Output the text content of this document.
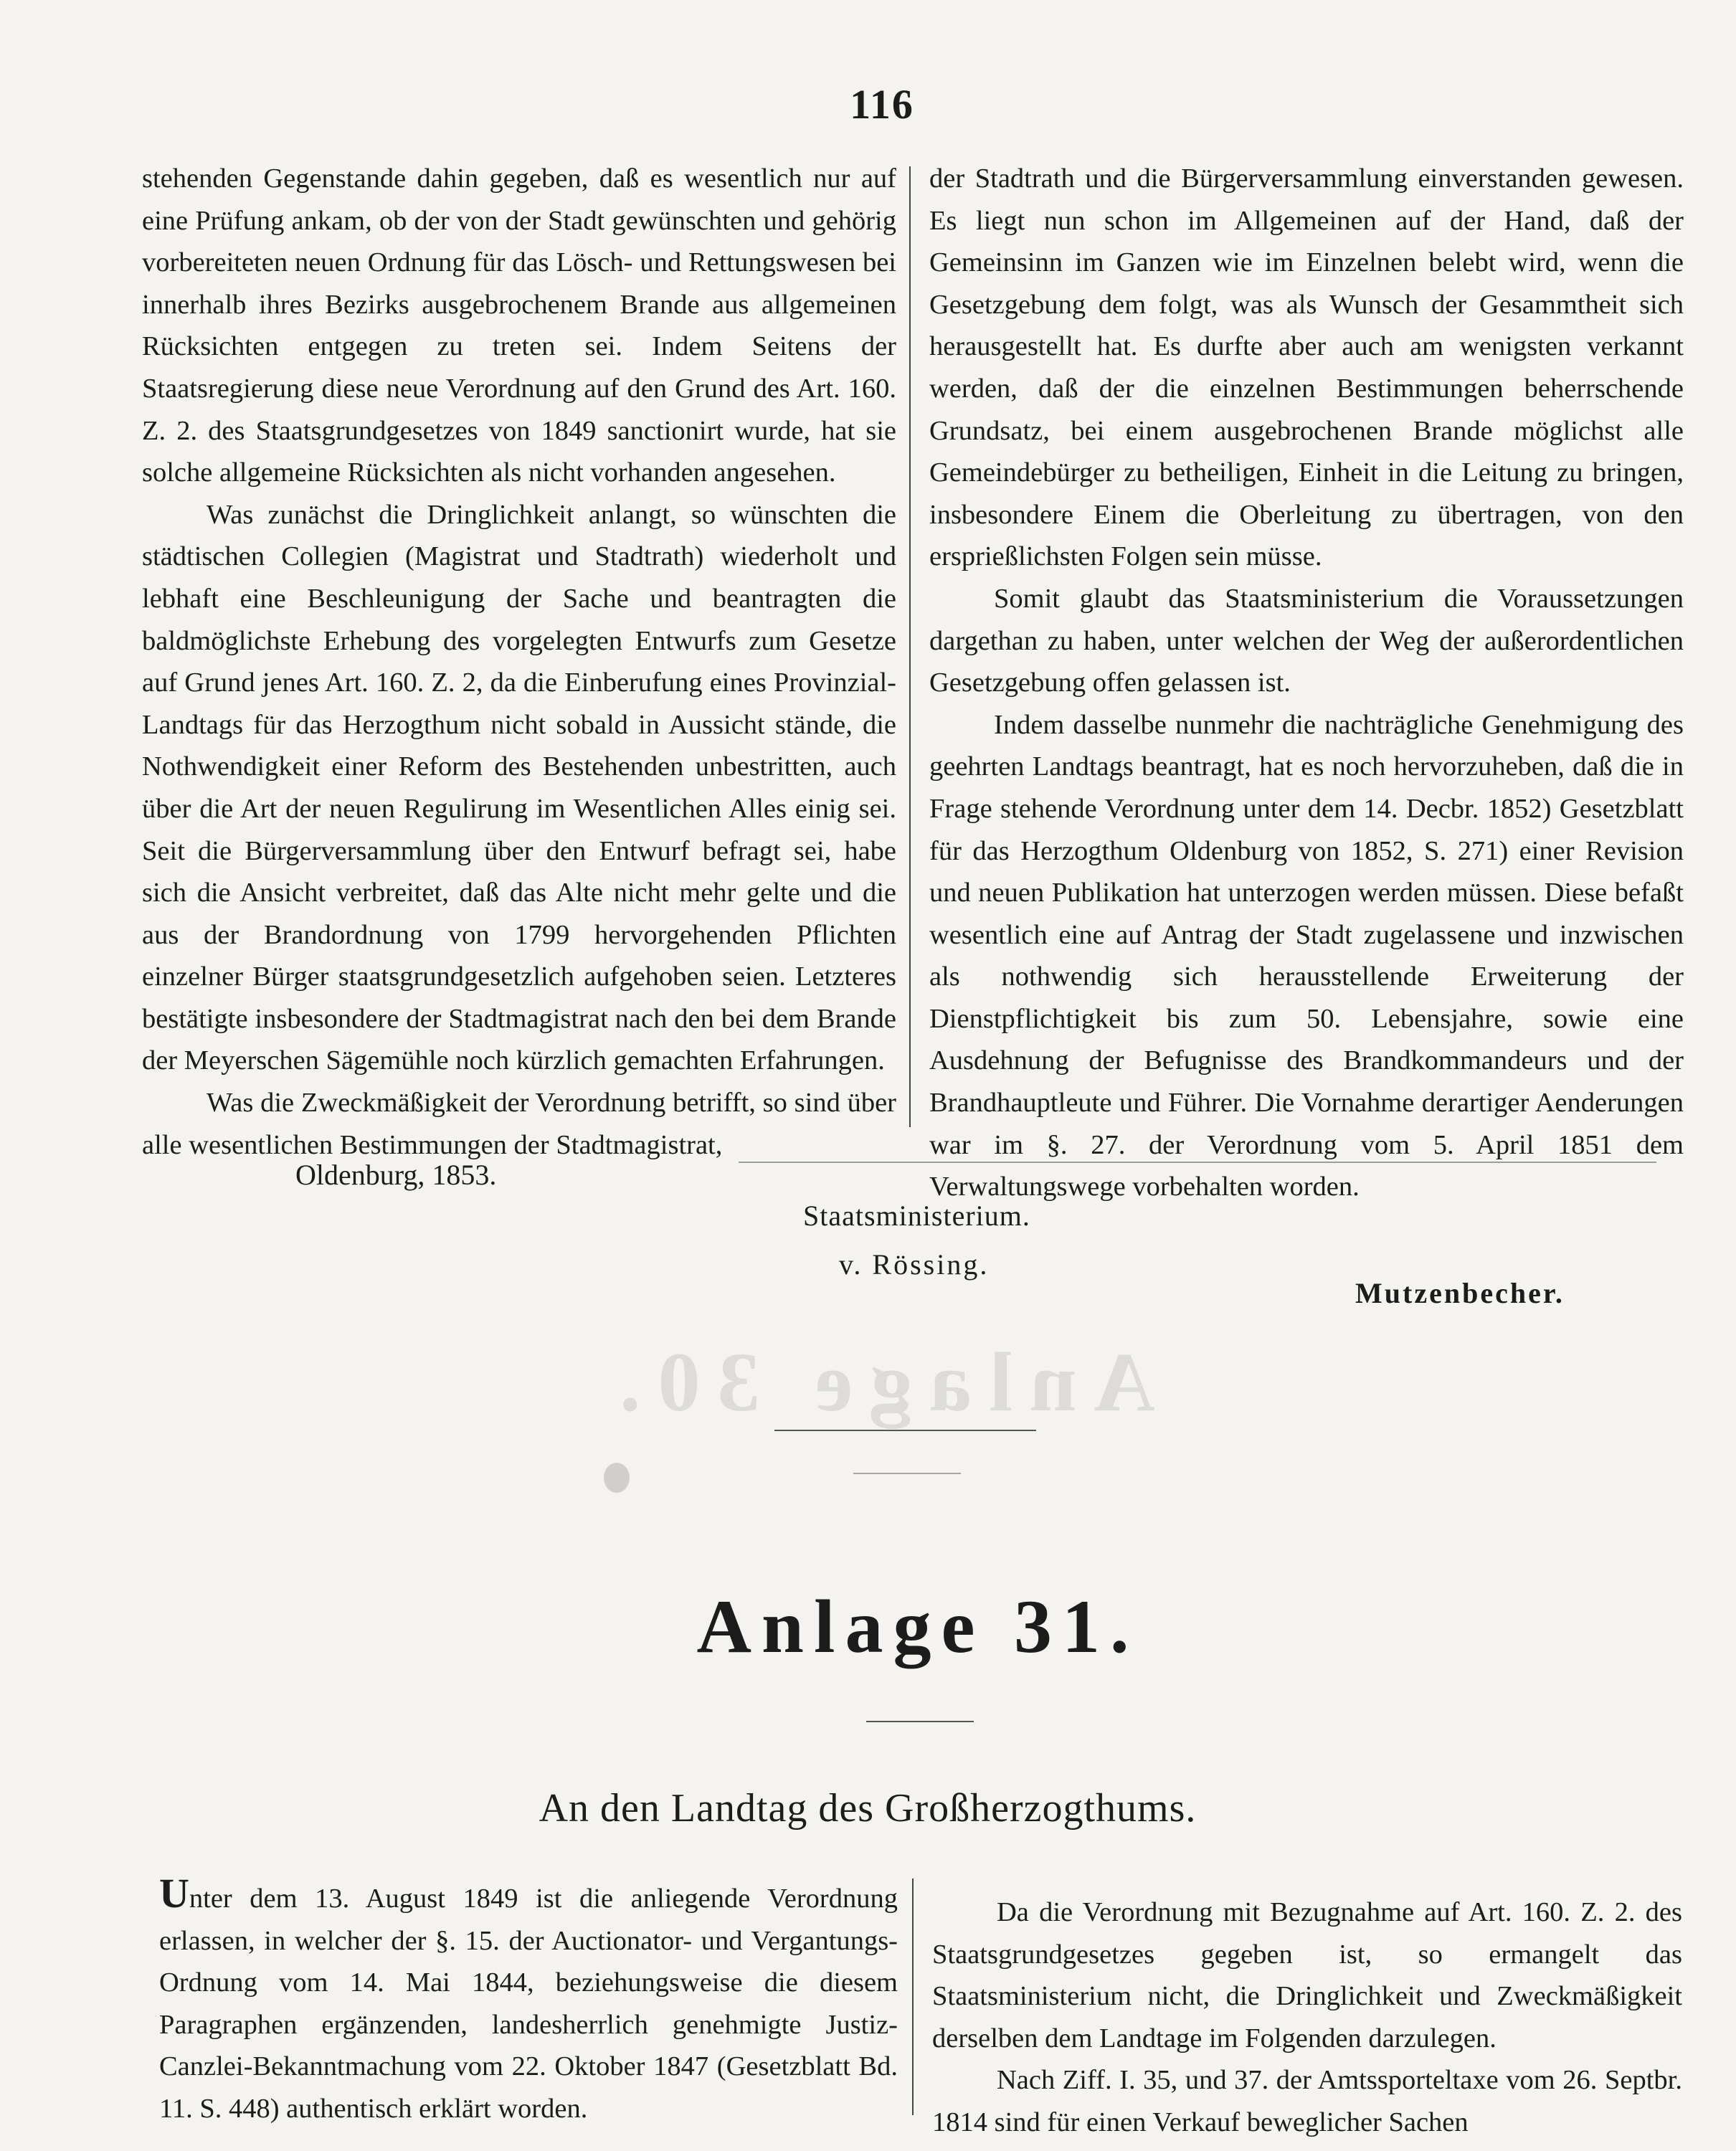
116

stehenden Gegenstande dahin gegeben, daß es wesentlich nur auf eine Prüfung ankam, ob der von der Stadt gewünschten und gehörig vorbereiteten neuen Ordnung für das Lösch- und Rettungswesen bei innerhalb ihres Bezirks ausgebrochenem Brande aus allgemeinen Rücksichten entgegen zu treten sei. Indem Seitens der Staatsregierung diese neue Verordnung auf den Grund des Art. 160. Z. 2. des Staatsgrundgesetzes von 1849 sanctionirt wurde, hat sie solche allgemeine Rücksichten als nicht vorhanden angesehen.

Was zunächst die Dringlichkeit anlangt, so wünschten die städtischen Collegien (Magistrat und Stadtrath) wiederholt und lebhaft eine Beschleunigung der Sache und beantragten die baldmöglichste Erhebung des vorgelegten Entwurfs zum Gesetze auf Grund jenes Art. 160. Z. 2, da die Einberufung eines Provinzial-Landtags für das Herzogthum nicht sobald in Aussicht stände, die Nothwendigkeit einer Reform des Bestehenden unbestritten, auch über die Art der neuen Regulirung im Wesentlichen Alles einig sei. Seit die Bürgerversammlung über den Entwurf befragt sei, habe sich die Ansicht verbreitet, daß das Alte nicht mehr gelte und die aus der Brandordnung von 1799 hervorgehenden Pflichten einzelner Bürger staatsgrundgesetzlich aufgehoben seien. Letzteres bestätigte insbesondere der Stadtmagistrat nach den bei dem Brande der Meyerschen Sägemühle noch kürzlich gemachten Erfahrungen.

Was die Zweckmäßigkeit der Verordnung betrifft, so sind über alle wesentlichen Bestimmungen der Stadtmagistrat,

der Stadtrath und die Bürgerversammlung einverstanden gewesen. Es liegt nun schon im Allgemeinen auf der Hand, daß der Gemeinsinn im Ganzen wie im Einzelnen belebt wird, wenn die Gesetzgebung dem folgt, was als Wunsch der Gesammtheit sich herausgestellt hat. Es durfte aber auch am wenigsten verkannt werden, daß der die einzelnen Bestimmungen beherrschende Grundsatz, bei einem ausgebrochenen Brande möglichst alle Gemeindebürger zu betheiligen, Einheit in die Leitung zu bringen, insbesondere Einem die Oberleitung zu übertragen, von den ersprießlichsten Folgen sein müsse.

Somit glaubt das Staatsministerium die Voraussetzungen dargethan zu haben, unter welchen der Weg der außerordentlichen Gesetzgebung offen gelassen ist.

Indem dasselbe nunmehr die nachträgliche Genehmigung des geehrten Landtags beantragt, hat es noch hervorzuheben, daß die in Frage stehende Verordnung unter dem 14. Decbr. 1852) Gesetzblatt für das Herzogthum Oldenburg von 1852, S. 271) einer Revision und neuen Publikation hat unterzogen werden müssen. Diese befaßt wesentlich eine auf Antrag der Stadt zugelassene und inzwischen als nothwendig sich herausstellende Erweiterung der Dienstpflichtigkeit bis zum 50. Lebensjahre, sowie eine Ausdehnung der Befugnisse des Brandkommandeurs und der Brandhauptleute und Führer. Die Vornahme derartiger Aenderungen war im §. 27. der Verordnung vom 5. April 1851 dem Verwaltungswege vorbehalten worden.

Oldenburg, 1853.
Staatsministerium.
v. Rössing.
Mutzenbecher.
Anlage 30.
Anlage 31.
An den Landtag des Großherzogthums.

Unter dem 13. August 1849 ist die anliegende Verordnung erlassen, in welcher der §. 15. der Auctionator- und Vergantungs-Ordnung vom 14. Mai 1844, beziehungsweise die diesem Paragraphen ergänzenden, landesherrlich genehmigte Justiz-Canzlei-Bekanntmachung vom 22. Oktober 1847 (Gesetzblatt Bd. 11. S. 448) authentisch erklärt worden.

Da die Verordnung mit Bezugnahme auf Art. 160. Z. 2. des Staatsgrundgesetzes gegeben ist, so ermangelt das Staatsministerium nicht, die Dringlichkeit und Zweckmäßigkeit derselben dem Landtage im Folgenden darzulegen.

Nach Ziff. I. 35, und 37. der Amtssporteltaxe vom 26. Septbr. 1814 sind für einen Verkauf beweglicher Sachen
